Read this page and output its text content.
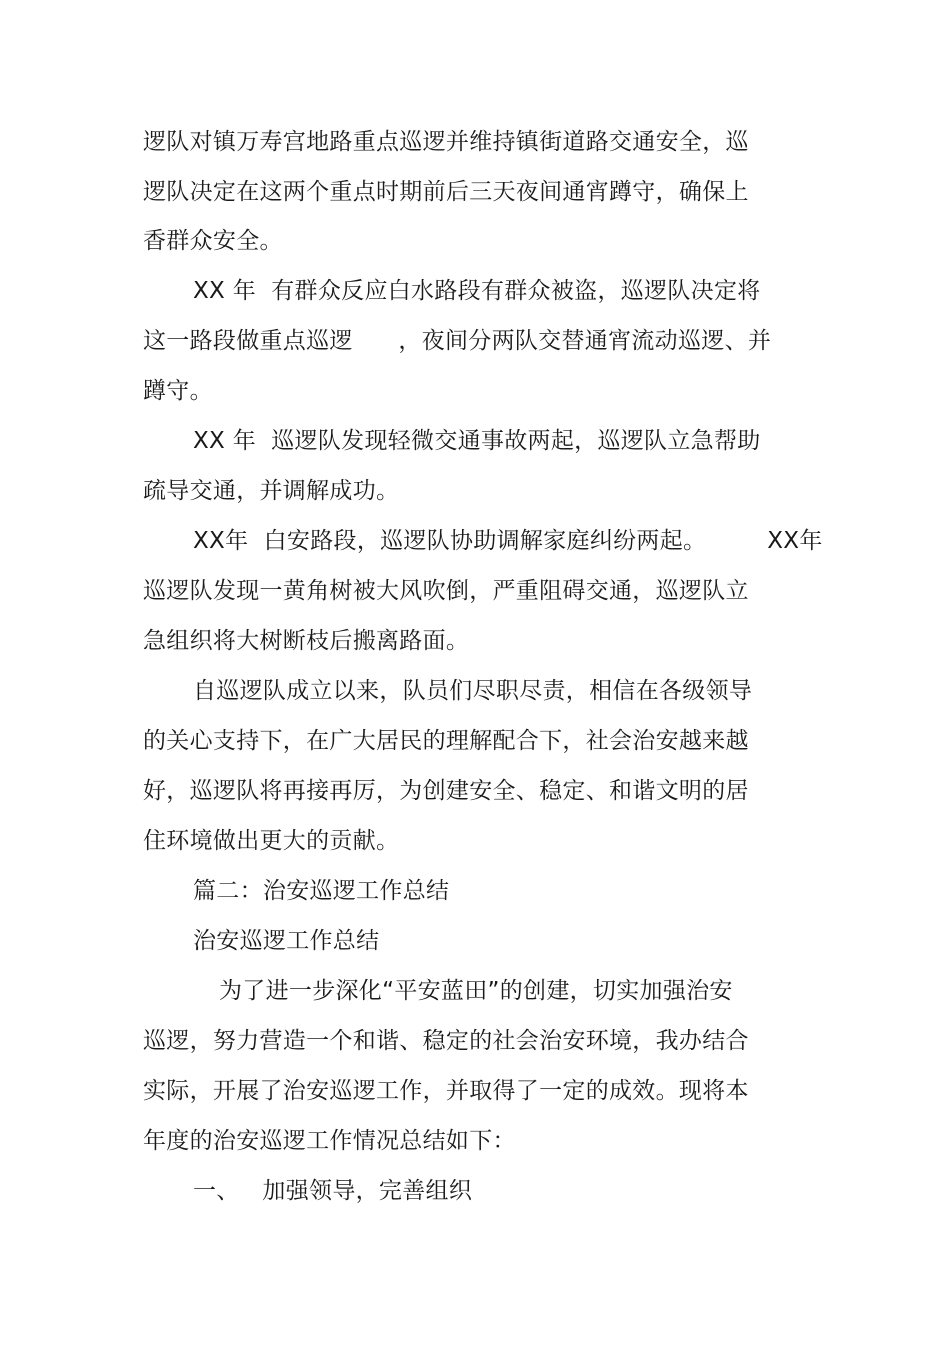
逻队对镇万寿宫地路重点巡逻并维持镇街道路交通安全，巡
逻队决定在这两个重点时期前后三天夜间通宵蹲守，确保上
香群众安全。
XX 年  有群众反应白水路段有群众被盗，巡逻队决定将
这一路段做重点巡逻      ，夜间分两队交替通宵流动巡逻、并
蹲守。
XX 年  巡逻队发现轻微交通事故两起，巡逻队立急帮助
疏导交通，并调解成功。
XX年  白安路段，巡逻队协助调解家庭纠纷两起。        XX年
巡逻队发现一黄角树被大风吹倒，严重阻碍交通，巡逻队立
急组织将大树断枝后搬离路面。
自巡逻队成立以来，队员们尽职尽责，相信在各级领导
的关心支持下，在广大居民的理解配合下，社会治安越来越
好，巡逻队将再接再厉，为创建安全、稳定、和谐文明的居
住环境做出更大的贡献。
篇二：治安巡逻工作总结
治安巡逻工作总结
为了进一步深化“平安蓝田”的创建，切实加强治安
巡逻，努力营造一个和谐、稳定的社会治安环境，我办结合
实际，开展了治安巡逻工作，并取得了一定的成效。现将本
年度的治安巡逻工作情况总结如下：
一、   加强领导，完善组织
